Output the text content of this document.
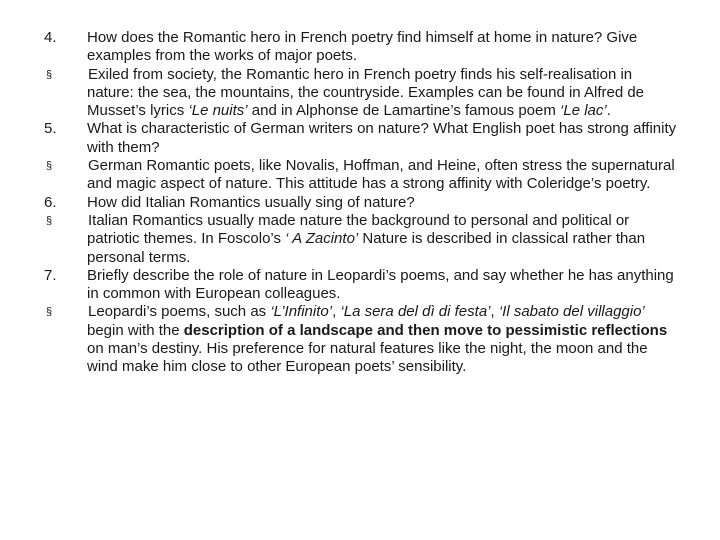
4.	How does the Romantic hero in French poetry find himself at home in nature? Give examples from the works of major poets.
§	Exiled from society, the Romantic hero in French poetry finds his self-realisation in nature: the sea, the mountains, the countryside. Examples can be found in Alfred de Musset’s lyrics ‘Le nuits’ and in Alphonse de Lamartine’s famous poem ‘Le lac’.
5.	What is characteristic of German writers on nature? What English poet has strong affinity with them?
§	German Romantic poets, like Novalis, Hoffman, and Heine, often stress the supernatural and magic aspect of nature. This attitude has a strong affinity with Coleridge’s poetry.
6.	How did Italian Romantics usually sing of nature?
§	Italian Romantics usually made nature the background to personal and political or patriotic themes. In Foscolo’s ‘ A Zacinto’ Nature is described in classical rather than personal terms.
7.	Briefly describe the role of nature in Leopardi’s poems, and say whether he has anything in common with European colleagues.
§	Leopardi’s poems, such as ‘L’Infinito’, ‘La sera del dì di festa’, ‘Il sabato del villaggio’ begin with the description of a landscape and then move to pessimistic reflections on man’s destiny. His preference for natural features like the night, the moon and the wind make him close to other European poets’ sensibility.
